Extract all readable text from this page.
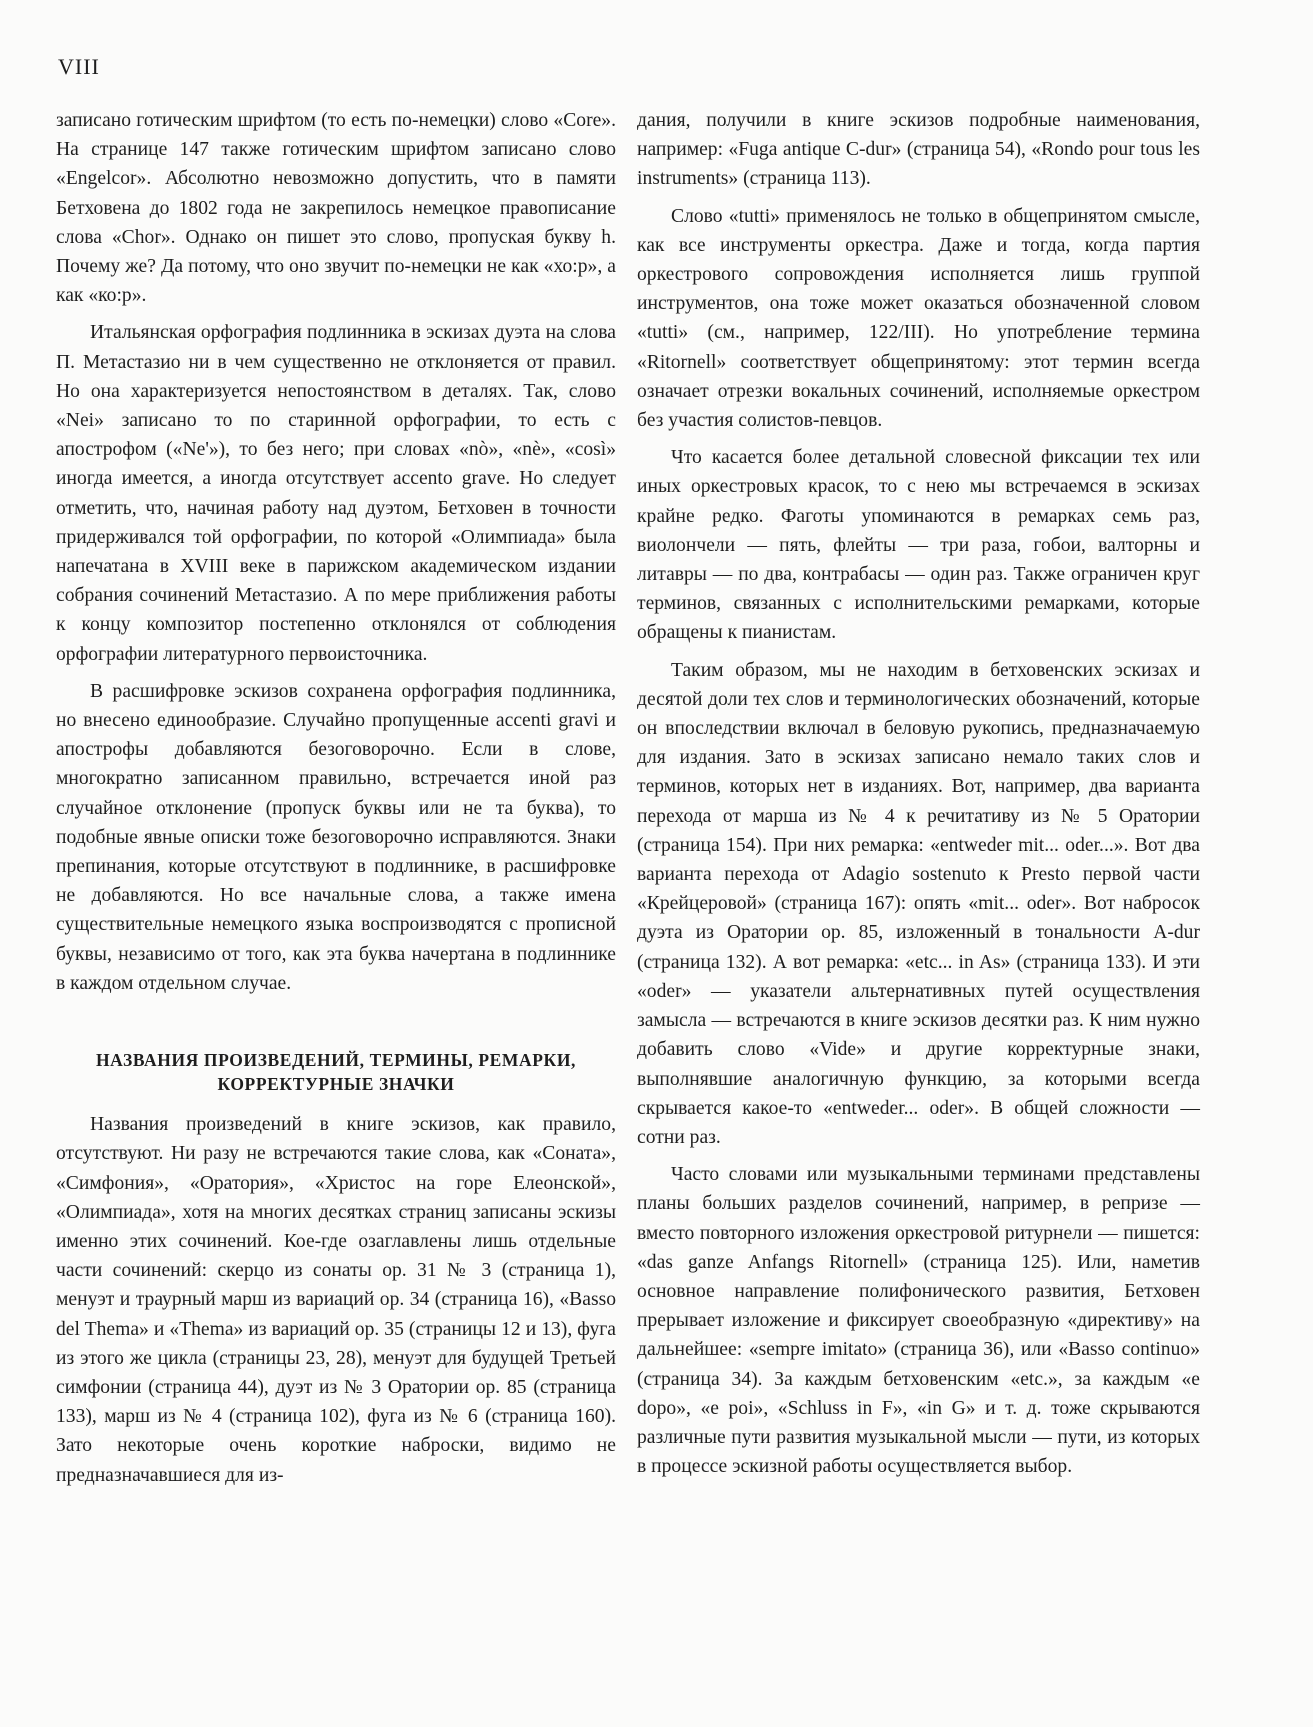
VIII

записано готическим шрифтом (то есть по-немецки) слово «Core». На странице 147 также готическим шрифтом записано слово «Engelcor». Абсолютно невозможно допустить, что в памяти Бетховена до 1802 года не закрепилось немецкое правописание слова «Chor». Однако он пишет это слово, пропуская букву h. Почему же? Да потому, что оно звучит по-немецки не как «хо:р», а как «ко:р».

Итальянская орфография подлинника в эскизах дуэта на слова П. Метастазио ни в чем существенно не отклоняется от правил. Но она характеризуется непостоянством в деталях. Так, слово «Nei» записано то по старинной орфографии, то есть с апострофом («Ne'»), то без него; при словах «nò», «nè», «così» иногда имеется, а иногда отсутствует accento grave. Но следует отметить, что, начиная работу над дуэтом, Бетховен в точности придерживался той орфографии, по которой «Олимпиада» была напечатана в XVIII веке в парижском академическом издании собрания сочинений Метастазио. А по мере приближения работы к концу композитор постепенно отклонялся от соблюдения орфографии литературного первоисточника.

В расшифровке эскизов сохранена орфография подлинника, но внесено единообразие. Случайно пропущенные accenti gravi и апострофы добавляются безоговорочно. Если в слове, многократно записанном правильно, встречается иной раз случайное отклонение (пропуск буквы или не та буква), то подобные явные описки тоже безоговорочно исправляются. Знаки препинания, которые отсутствуют в подлиннике, в расшифровке не добавляются. Но все начальные слова, а также имена существительные немецкого языка воспроизводятся с прописной буквы, независимо от того, как эта буква начертана в подлиннике в каждом отдельном случае.

НАЗВАНИЯ ПРОИЗВЕДЕНИЙ, ТЕРМИНЫ, РЕМАРКИ,
КОРРЕКТУРНЫЕ ЗНАЧКИ

Названия произведений в книге эскизов, как правило, отсутствуют. Ни разу не встречаются такие слова, как «Соната», «Симфония», «Оратория», «Христос на горе Елеонской», «Олимпиада», хотя на многих десятках страниц записаны эскизы именно этих сочинений. Кое-где озаглавлены лишь отдельные части сочинений: скерцо из сонаты ор. 31 № 3 (страница 1), менуэт и траурный марш из вариаций ор. 34 (страница 16), «Basso del Thema» и «Thema» из вариаций ор. 35 (страницы 12 и 13), фуга из этого же цикла (страницы 23, 28), менуэт для будущей Третьей симфонии (страница 44), дуэт из № 3 Оратории ор. 85 (страница 133), марш из № 4 (страница 102), фуга из № 6 (страница 160). Зато некоторые очень короткие наброски, видимо не предназначавшиеся для из-

дания, получили в книге эскизов подробные наименования, например: «Fuga antique C-dur» (страница 54), «Rondo pour tous les instruments» (страница 113).

Слово «tutti» применялось не только в общепринятом смысле, как все инструменты оркестра. Даже и тогда, когда партия оркестрового сопровождения исполняется лишь группой инструментов, она тоже может оказаться обозначенной словом «tutti» (см., например, 122/III). Но употребление термина «Ritornell» соответствует общепринятому: этот термин всегда означает отрезки вокальных сочинений, исполняемые оркестром без участия солистов-певцов.

Что касается более детальной словесной фиксации тех или иных оркестровых красок, то с нею мы встречаемся в эскизах крайне редко. Фаготы упоминаются в ремарках семь раз, виолончели — пять, флейты — три раза, гобои, валторны и литавры — по два, контрабасы — один раз. Также ограничен круг терминов, связанных с исполнительскими ремарками, которые обращены к пианистам.

Таким образом, мы не находим в бетховенских эскизах и десятой доли тех слов и терминологических обозначений, которые он впоследствии включал в беловую рукопись, предназначаемую для издания. Зато в эскизах записано немало таких слов и терминов, которых нет в изданиях. Вот, например, два варианта перехода от марша из № 4 к речитативу из № 5 Оратории (страница 154). При них ремарка: «entweder mit... oder...». Вот два варианта перехода от Adagio sostenuto к Presto первой части «Крейцеровой» (страница 167): опять «mit... oder». Вот набросок дуэта из Оратории ор. 85, изложенный в тональности A-dur (страница 132). А вот ремарка: «etc... in As» (страница 133). И эти «oder» — указатели альтернативных путей осуществления замысла — встречаются в книге эскизов десятки раз. К ним нужно добавить слово «Vide» и другие корректурные знаки, выполнявшие аналогичную функцию, за которыми всегда скрывается какое-то «entweder... oder». В общей сложности — сотни раз.

Часто словами или музыкальными терминами представлены планы больших разделов сочинений, например, в репризе — вместо повторного изложения оркестровой ритурнели — пишется: «das ganze Anfangs Ritornell» (страница 125). Или, наметив основное направление полифонического развития, Бетховен прерывает изложение и фиксирует своеобразную «директиву» на дальнейшее: «sempre imitato» (страница 36), или «Basso continuo» (страница 34). За каждым бетховенским «etc.», за каждым «e dopo», «e poi», «Schluss in F», «in G» и т. д. тоже скрываются различные пути развития музыкальной мысли — пути, из которых в процессе эскизной работы осуществляется выбор.
